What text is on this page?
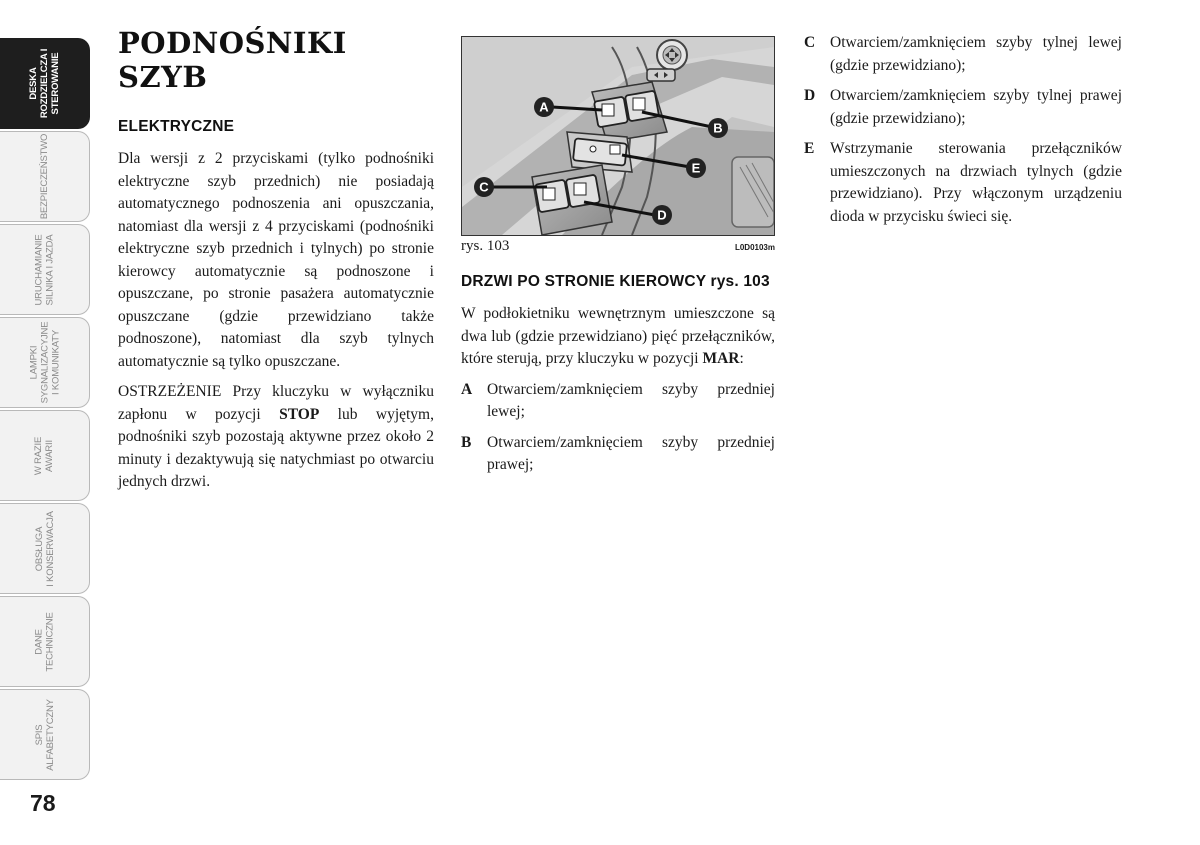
DESKA
ROZDZIELCZA I
STEROWANIE
BEZPIECZEŃSTWO
URUCHAMIANIE
SILNIKA I JAZDA
LAMPKI
SYGNALIZACYJNE
I KOMUNIKATY
W RAZIE
AWARII
OBSŁUGA
I KONSERWACJA
DANE
TECHNICZNE
SPIS
ALFABETYCZNY
78
PODNOŚNIKI SZYB
ELEKTRYCZNE

Dla wersji z 2 przyciskami (tylko podnośniki elektryczne szyb przednich) nie posiadają automatycznego podnoszenia ani opuszczania, natomiast dla wersji z 4 przyciskami (podnośniki elektryczne szyb przednich i tylnych) po stronie kierowcy automatycznie są podnoszone i opuszczane, po stronie pasażera automatycznie opuszczane (gdzie przewidziano także podnoszone), natomiast dla szyb tylnych automatycznie są tylko opuszczane.

OSTRZEŻENIE Przy kluczyku w wyłączniku zapłonu w pozycji STOP lub wyjętym, podnośniki szyb pozostają aktywne przez około 2 minuty i dezaktywują się natychmiast po otwarciu jednych drzwi.

A
B
E
C
D
rys. 103	L0D0103m
DRZWI PO STRONIE KIEROWCY rys. 103

W podłokietniku wewnętrznym umieszczone są dwa lub (gdzie przewidziano) pięć przełączników, które sterują, przy kluczyku w pozycji MAR:

A Otwarciem/zamknięciem szyby przedniej lewej;
B	Otwarciem/zamknięciem szyby przedniej prawej;
C Otwarciem/zamknięciem szyby tylnej lewej (gdzie przewidziano);
D Otwarciem/zamknięciem szyby tylnej prawej (gdzie przewidziano);
E	Wstrzymanie sterowania przełączników umieszczonych na drzwiach tylnych (gdzie przewidziano). Przy włączonym urządzeniu dioda w przycisku świeci się.
